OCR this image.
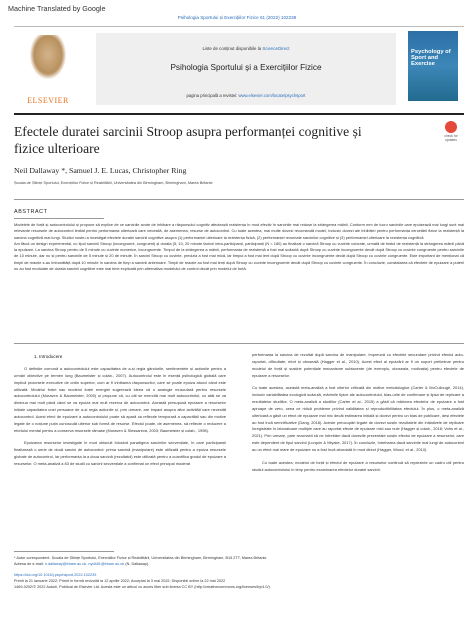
Machine Translated by Google
Psihologia Sportului și Exercițiilor Fizice 61 (2022) 102239
ELSEVIER
Liste de conținut disponibile la ScienceDirect
Psihologia Sportului și a Exercițiilor Fizice
pagina principală a revistei: www.elsevier.com/locate/psychsport
Psychology of Sport and Exercise
Efectele duratei sarcinii Stroop asupra performanței cognitive și fizice ulterioare
check for updates
Neil Dallaway *, Samuel J. E. Lucas, Christopher Ring
Școala de Științe Sportului, Exercițiilor Fizice și Reabilitării, Universitatea din Birmingham, Birmingham, Marea Britanie
ABSTRACT
Modelele de forță și autocontrolului și propune să explice de ce sarcinile avute de inhibare a răspunsului cognitiv afectează rezistența în mod efectiv în sarcinile mai reduse la strângerea mâinii. Conform mm de lucru sarcinile care epuizează mai lungi sunt mai relevante resursele de autocontrol limitat pentru performanța ulterioară care necesită, de asemenea, resurse de autocontrol. Cu toate acestea, mai multe dovezi recomandă model, inclusiv dovezi ale inhibiției pentru performanța cercetării fizice la rezistență la sarcina cognitivă mai lungi. Studiul nostru a investigat efectele duratei sarcinii cognitive asupra (1) performanței ulterioare la rezistența fizică, (2) performanței rezumate sarcinilor cognitive și (3) performanței ulterioare la rezistența cognitivă.
Am făcut un design experimental, cu tipul sarcinii Stroop (incongruent, congruent) și durata (5, 10, 20 minute factori intra-participanți, participanți (N = 180) au finalizat o sarcină Stroop cu cuvinte colorate, urmată de testul de rezistență la strângerea mâinii până la epuizare. La sarcina Stroop pentru de 5 minute cu cuvinte numerice, incongruente. Timpul de la strângerea a mâinii, performanța de rezistență a fost mai scăzută după Stroop cu cuvinte incongruente decât după Stroop cu cuvinte congruente pentru sarcinile de 10 minute, dar nu și pentru sarcinile de 5 minute și 20 de minute. În sarcini Stroop cu cuvinte, precizia a fost mai mică, iar timpul a fost mai lent după Stroop cu cuvinte incongruente decât după Stroop cu cuvinte congruente. Este important de menționat că timpii de reacție s-au îmbunătățit după 10 minute în sarcina de timp a sarcinii anterioare. Timpii de reacție au fost mai lenți după Stroop cu cuvinte incongruente decât după Stroop cu cuvinte congruente. În concluzie, constatarea că efectele de epuizare a puterii nu au fost modulate de durata sarcinii cognitive este mai bine explicată prin alternativa modelului de control decât prin modelul de forță.
1. Introducere

O definiție comună a autocontrolului este capacitatea de a-și regla gândurile, sentimentele și acțiunile pentru a urmări obiective pe termen lung (Baumeister și colab., 2007). Autocontrolul este în esență psihologică globală care implică procesele executive de ordin superior, cum ar fi inhibarea răspunsurilor, care se poate epuiza atunci când este utilizată. Modelul forței sau modelul forței energiei sugerează ideea că o analogie musculară pentru resursele autocontrolului (Muraven & Baumeister, 2000) și propune că, cu cât se exercită mai mult autocontrolul, cu atât se va diminua mai mult până când se va epuiza mai mult rezerva de autocontrol. Această presupusă epuizare a resurselor inițiale capacitatea unei persoane de a-și regla acțiunile și, prin urmare, are impact asupra altor activități care necesită autocontrol. Acest efect de epuizare a autocontrolului poate să apară ca reflecție temporară a capacității sau din motive legate de o noțiune puțin cunoscută ulterior sub formă de resurse. Efectul poate, de asemenea, să reflecte o reducere a efortului mental pentru a conserva resursele rămase (Muraven & Slessareva, 2003; Baumeister și colab., 1998).

Epuizarea resurselor investigate în mod obișnuit folosind paradigma sarcinilor secvențiale, în care participanții finalizează o serie de două sarcini de autocontrol: prima sarcină (manipulare) este utilizată pentru a epuiza resursele globale de autocontrol, iar performanța la a doua sarcină (rezultatul) este utilizată pentru a cuantifica gradul de epuizare a resurselor. O meta-analiză a 83 de studii cu sarcini secvențiale a confirmat un efect principal moderat

performanța la sarcina de rezultat după sarcina de manipulare, împreună cu efectele secundare privind efectul auto-raportat, dificultate, efort și oboseală (Hagger et al., 2010). Acest efect al epuizării ar fi un suport preliminar pentru modelul de forță și susține potențiale mecanisme subiacente (de exemplu, oboseala, motivația) pentru efectele de epuizare a resurselor.

Cu toate acestea, această meta-analiză a fost ulterior criticată din motive metodologice (Carter & McCullough, 2014), inclusiv variabilitatea ecologică scăzută, mărimile tipice ale autocontrolului, bias-urile de confirmare și lipsa de replicare a rezultatelor studiilor. O meta-analiză a studiilor (Carter et al., 2015) a găsit că mărimea efectelor de epuizare a fost aproape de zero, ceea ce ridică probleme privind validitatea și reproductibilitatea efectului. În plus, o meta-analiză ulterioară a găsit un efect de epuizare mai mic decât estimarea inițială și dovezi pentru un bias de publicare, deși efectele au fost încă semnificative (Dang, 2018). Aceste preocupări legate de dovezi susțin rezultatele din inițiativele de replicare înregistrate în laboratoare multiple care au raportat efecte de epuizare mici sau nule (Hagger și colab., 2016; Vohs et al., 2021). Prin urmare, pare rezonabil să ne întrebăm dacă dovezile prezentate susțin efectul de epuizare a resurselor, care este dependent de tipul sarcinii (Lurquin & Miyake, 2017). În concluzie, întrebarea dacă sarcinile mai lungi de autocontrol au un efect mai mare de epuizare nu a fost încă abordată în mod direct (Hagger, Wood, et al., 2010).

Cu toate acestea, modelul de forță și efectul de epuizare a resurselor continuă să reprezinte un cadru util pentru studiul autocontrolului în timp pentru examinarea efectelor duratei sarcinii.

* Autor corespondent. Școala de Științe Sportului, Exercițiilor Fizice și Reabilitării, Universitatea din Birmingham, Birmingham, B15 2TT, Marea Britanie.
Adresa de e-mail: n.dallaway@bham.ac.uk, nyd481@bham.ac.uk (N. Dallaway).
https://doi.org/10.1016/j.psychsport.2022.102239
Primit la 21 ianuarie 2022; Primit în formă revizuită la 12 aprilie 2022; Acceptat la 3 mai 2022; Disponibil online la 22 mai 2022
1469-0292/© 2022 Autorii. Publicat de Elsevier Ltd. Acesta este un articol cu acces liber sub licența CC BY (http://creativecommons.org/licenses/by/4.0/).
